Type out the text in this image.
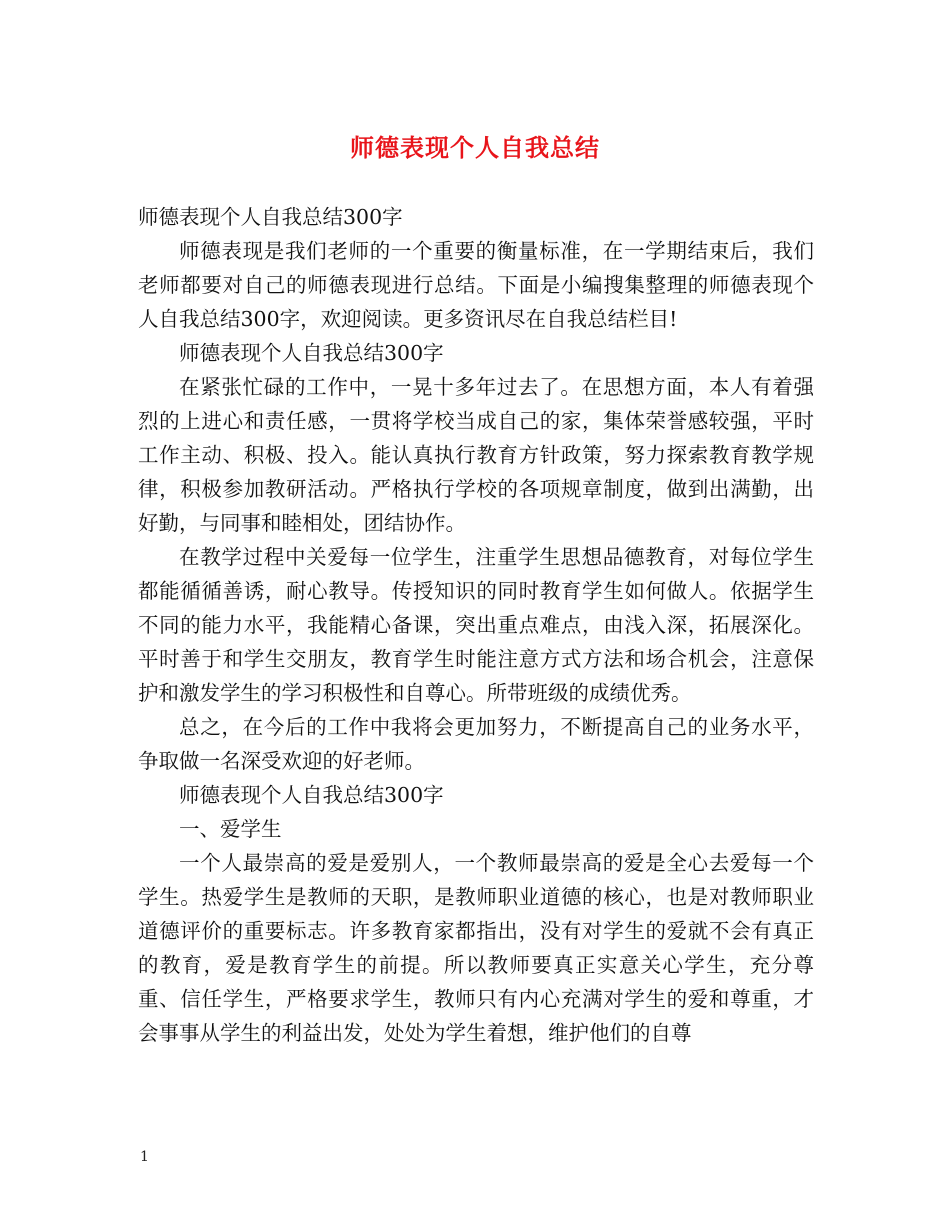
师德表现个人自我总结

师德表现个人自我总结300字

师德表现是我们老师的一个重要的衡量标准，在一学期结束后，我们老师都要对自己的师德表现进行总结。下面是小编搜集整理的师德表现个人自我总结300字，欢迎阅读。更多资讯尽在自我总结栏目!

师德表现个人自我总结300字

在紧张忙碌的工作中，一晃十多年过去了。在思想方面，本人有着强烈的上进心和责任感，一贯将学校当成自己的家，集体荣誉感较强，平时工作主动、积极、投入。能认真执行教育方针政策，努力探索教育教学规律，积极参加教研活动。严格执行学校的各项规章制度，做到出满勤，出好勤，与同事和睦相处，团结协作。

在教学过程中关爱每一位学生，注重学生思想品德教育，对每位学生都能循循善诱，耐心教导。传授知识的同时教育学生如何做人。依据学生不同的能力水平，我能精心备课，突出重点难点，由浅入深，拓展深化。平时善于和学生交朋友，教育学生时能注意方式方法和场合机会，注意保护和激发学生的学习积极性和自尊心。所带班级的成绩优秀。

总之，在今后的工作中我将会更加努力，不断提高自己的业务水平，争取做一名深受欢迎的好老师。

师德表现个人自我总结300字

一、爱学生

一个人最崇高的爱是爱别人，一个教师最崇高的爱是全心去爱每一个学生。热爱学生是教师的天职，是教师职业道德的核心，也是对教师职业道德评价的重要标志。许多教育家都指出，没有对学生的爱就不会有真正的教育，爱是教育学生的前提。所以教师要真正实意关心学生，充分尊重、信任学生，严格要求学生，教师只有内心充满对学生的爱和尊重，才会事事从学生的利益出发，处处为学生着想，维护他们的自尊

1
